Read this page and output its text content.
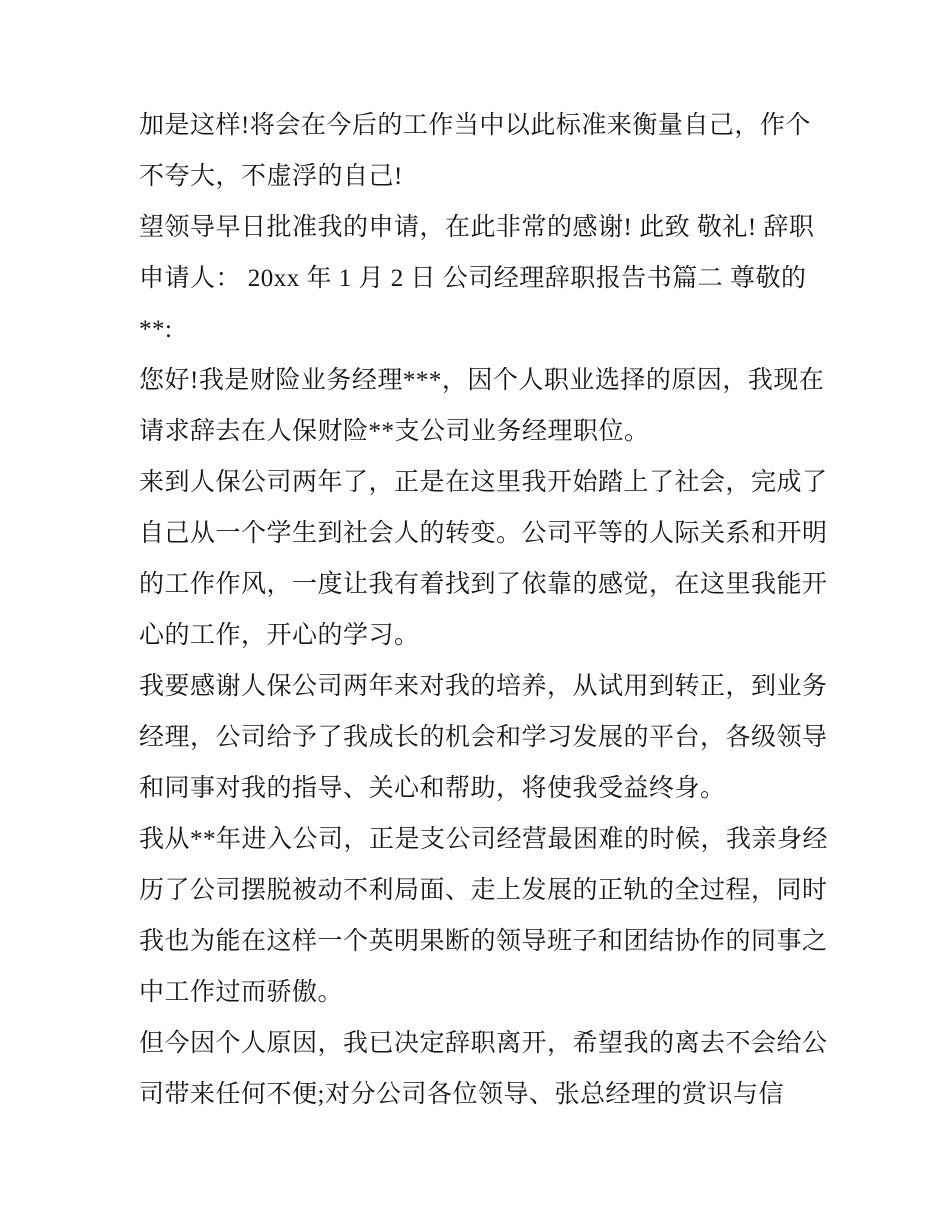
加是这样!将会在今后的工作当中以此标准来衡量自己，作个
不夸大，不虚浮的自己!
望领导早日批准我的申请，在此非常的感谢! 此致 敬礼! 辞职
申请人： 20xx 年 1 月 2 日 公司经理辞职报告书篇二 尊敬的
**:
您好!我是财险业务经理***，因个人职业选择的原因，我现在
请求辞去在人保财险**支公司业务经理职位。
来到人保公司两年了，正是在这里我开始踏上了社会，完成了
自己从一个学生到社会人的转变。公司平等的人际关系和开明
的工作作风，一度让我有着找到了依靠的感觉，在这里我能开
心的工作，开心的学习。
我要感谢人保公司两年来对我的培养，从试用到转正，到业务
经理，公司给予了我成长的机会和学习发展的平台，各级领导
和同事对我的指导、关心和帮助，将使我受益终身。
我从**年进入公司，正是支公司经营最困难的时候，我亲身经
历了公司摆脱被动不利局面、走上发展的正轨的全过程，同时
我也为能在这样一个英明果断的领导班子和团结协作的同事之
中工作过而骄傲。
但今因个人原因，我已决定辞职离开，希望我的离去不会给公
司带来任何不便;对分公司各位领导、张总经理的赏识与信
